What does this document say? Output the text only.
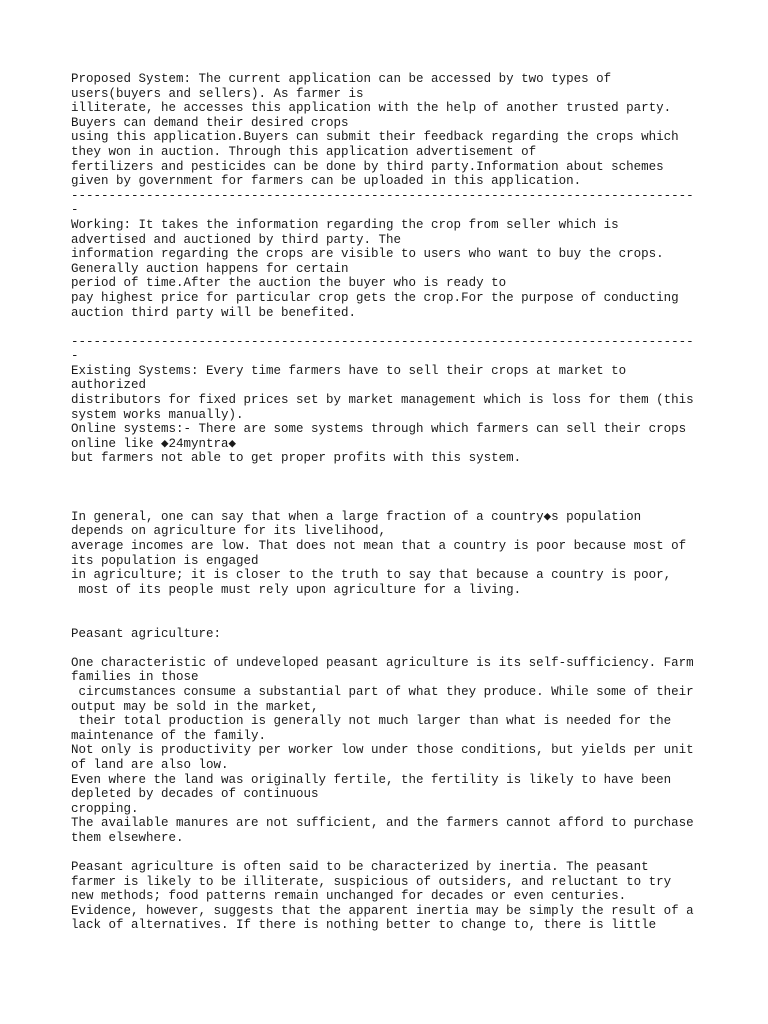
Proposed System: The current application can be accessed by two types of
users(buyers and sellers). As farmer is
illiterate, he accesses this application with the help of another trusted party.
Buyers can demand their desired crops
using this application.Buyers can submit their feedback regarding the crops which
they won in auction. Through this application advertisement of
fertilizers and pesticides can be done by third party.Information about schemes
given by government for farmers can be uploaded in this application.
-----------------------------------------------------------------------------------
-
Working: It takes the information regarding the crop from seller which is
advertised and auctioned by third party. The
information regarding the crops are visible to users who want to buy the crops.
Generally auction happens for certain
period of time.After the auction the buyer who is ready to
pay highest price for particular crop gets the crop.For the purpose of conducting
auction third party will be benefited.
-----------------------------------------------------------------------------------
-
Existing Systems: Every time farmers have to sell their crops at market to
authorized
distributors for fixed prices set by market management which is loss for them (this
system works manually).
Online systems:- There are some systems through which farmers can sell their crops
online like ◆24myntra◆
but farmers not able to get proper profits with this system.
In general, one can say that when a large fraction of a country◆s population
depends on agriculture for its livelihood,
average incomes are low. That does not mean that a country is poor because most of
its population is engaged
in agriculture; it is closer to the truth to say that because a country is poor,
most of its people must rely upon agriculture for a living.
Peasant agriculture:
One characteristic of undeveloped peasant agriculture is its self-sufficiency. Farm
families in those
circumstances consume a substantial part of what they produce. While some of their
output may be sold in the market,
their total production is generally not much larger than what is needed for the
maintenance of the family.
Not only is productivity per worker low under those conditions, but yields per unit
of land are also low.
Even where the land was originally fertile, the fertility is likely to have been
depleted by decades of continuous
cropping.
The available manures are not sufficient, and the farmers cannot afford to purchase
them elsewhere.
Peasant agriculture is often said to be characterized by inertia. The peasant
farmer is likely to be illiterate, suspicious of outsiders, and reluctant to try
new methods; food patterns remain unchanged for decades or even centuries.
Evidence, however, suggests that the apparent inertia may be simply the result of a
lack of alternatives. If there is nothing better to change to, there is little
